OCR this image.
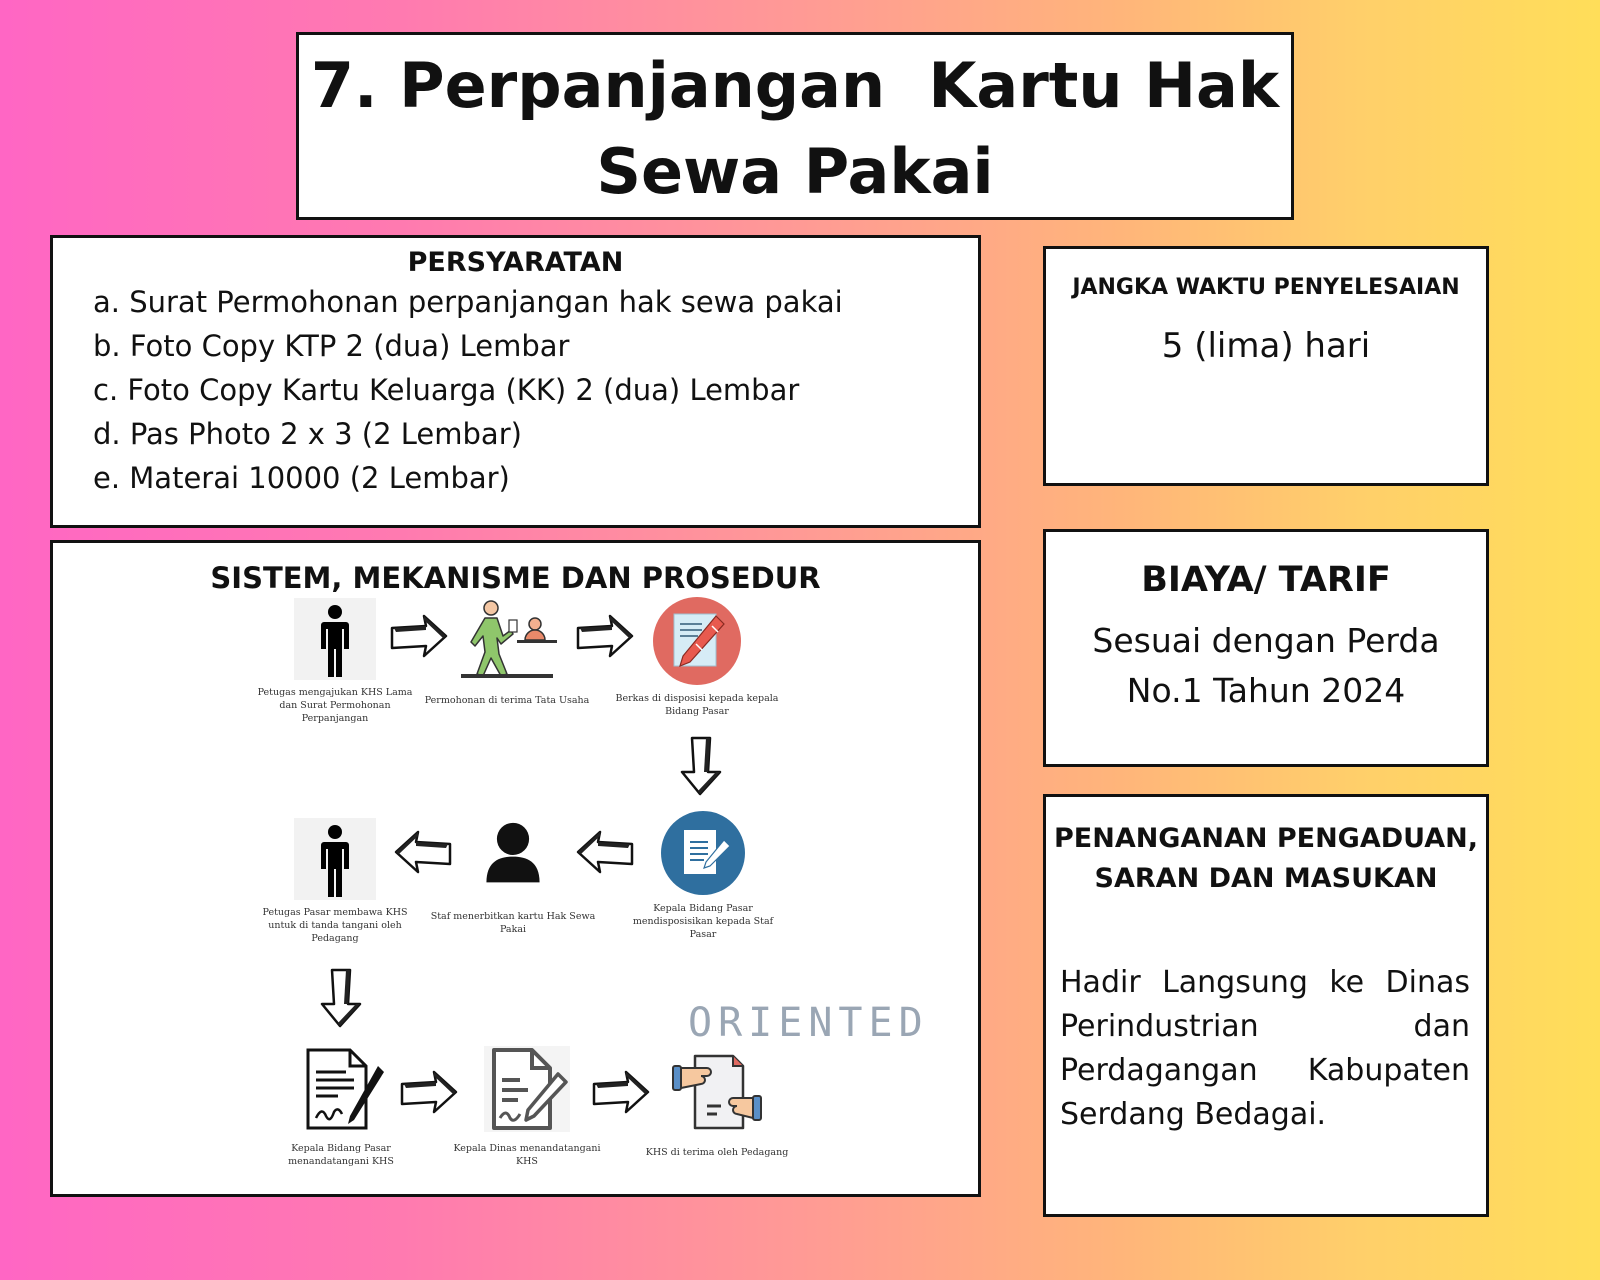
7. Perpanjangan  Kartu Hak
Sewa Pakai
PERSYARATAN
a. Surat Permohonan perpanjangan hak sewa pakai
b. Foto Copy KTP 2 (dua) Lembar
c. Foto Copy Kartu Keluarga (KK) 2 (dua) Lembar
d. Pas Photo 2 x 3 (2 Lembar)
e. Materai 10000 (2 Lembar)
SISTEM, MEKANISME DAN PROSEDUR
Petugas mengajukan KHS Lama dan Surat Permohonan Perpanjangan
Permohonan di terima Tata Usaha	Berkas di disposisi kepada kepala Bidang Pasar
Kepala Bidang Pasar mendisposisikan kepada Staf Pasar
Staf menerbitkan kartu Hak Sewa Pakai
Petugas Pasar membawa KHS untuk di tanda tangani oleh Pedagang
ORIENTED
Kepala Bidang Pasar menandatangani KHS
Kepala Dinas menandatangani KHS
KHS di terima oleh Pedagang
JANGKA WAKTU PENYELESAIAN

5 (lima) hari

BIAYA/ TARIF

Sesuai dengan Perda
No.1 Tahun 2024

PENANGANAN PENGADUAN,
SARAN DAN MASUKAN

Hadir Langsung ke Dinas Perindustrian dan Perdagangan Kabupaten Serdang Bedagai.
